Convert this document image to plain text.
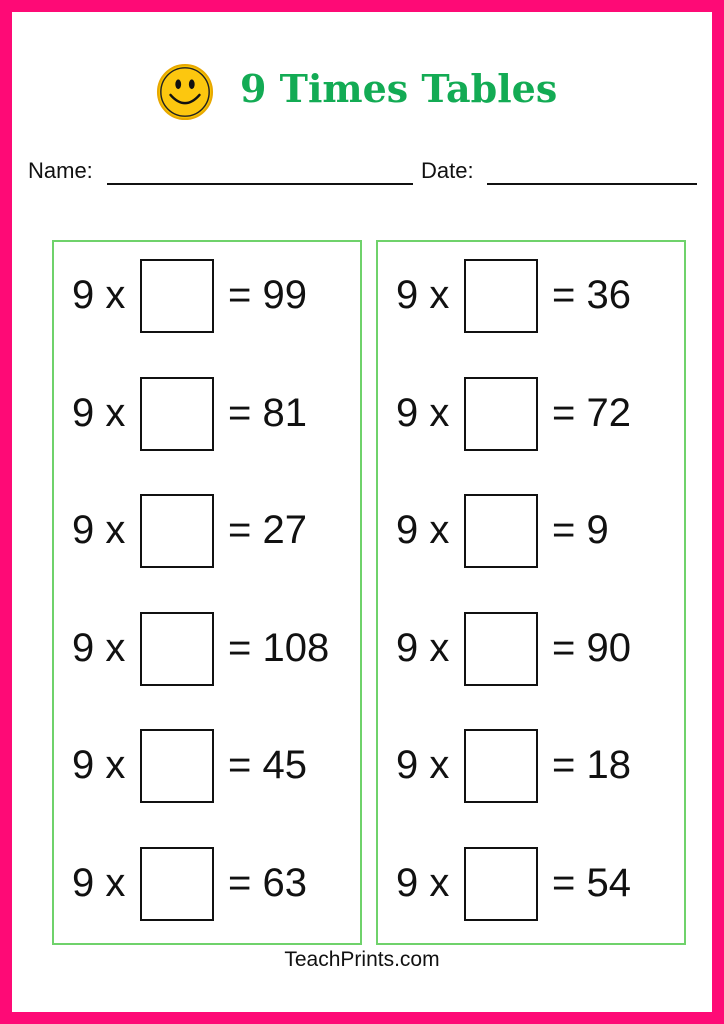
9 Times Tables
Name:	Date:
9 x	= 99
9 x	= 81
9 x	= 27
9 x	= 108
9 x	= 45
9 x	= 63
9 x	= 36
9 x	= 72
9 x	= 9
9 x	= 90
9 x	= 18
9 x	= 54
TeachPrints.com
